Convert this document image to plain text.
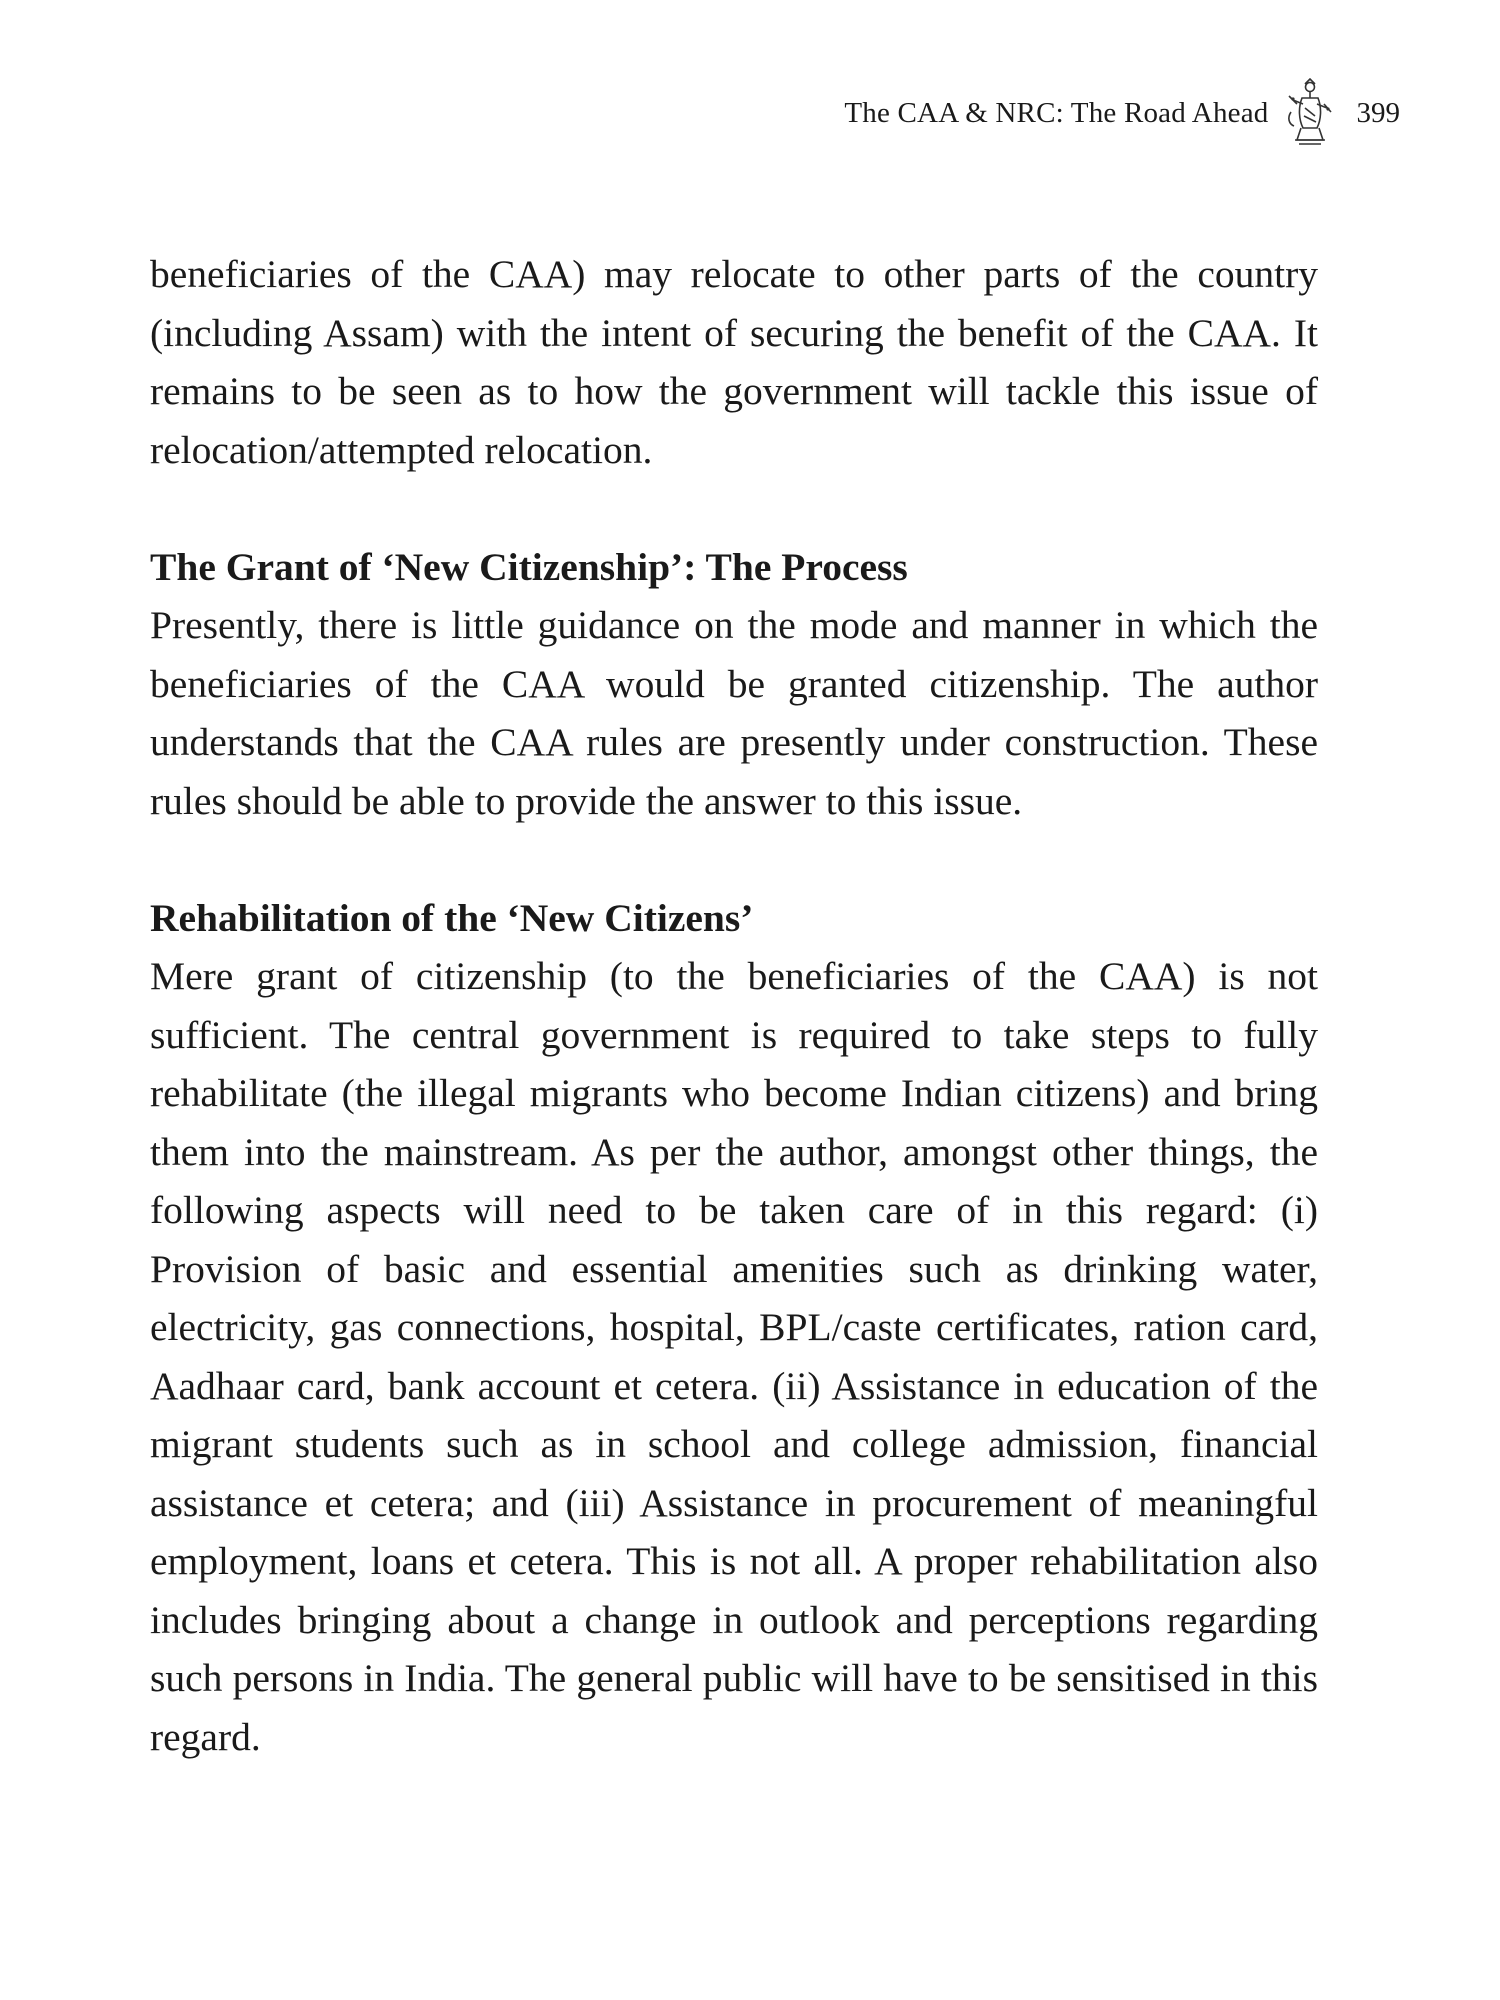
The CAA & NRC: The Road Ahead	399

beneficiaries of the CAA) may relocate to other parts of the country (including Assam) with the intent of securing the benefit of the CAA. It remains to be seen as to how the government will tackle this issue of relocation/attempted relocation.

The Grant of ‘New Citizenship’: The Process

Presently, there is little guidance on the mode and manner in which the beneficiaries of the CAA would be granted citizenship. The author understands that the CAA rules are presently under construction. These rules should be able to provide the answer to this issue.

Rehabilitation of the ‘New Citizens’

Mere grant of citizenship (to the beneficiaries of the CAA) is not sufficient. The central government is required to take steps to fully rehabilitate (the illegal migrants who become Indian citizens) and bring them into the mainstream. As per the author, amongst other things, the following aspects will need to be taken care of in this regard: (i) Provision of basic and essential amenities such as drinking water, electricity, gas connections, hospital, BPL/caste certificates, ration card, Aadhaar card, bank account et cetera. (ii) Assistance in education of the migrant students such as in school and college admission, financial assistance et cetera; and (iii) Assistance in procurement of meaningful employment, loans et cetera. This is not all. A proper rehabilitation also includes bringing about a change in outlook and perceptions regarding such persons in India. The general public will have to be sensitised in this regard.
